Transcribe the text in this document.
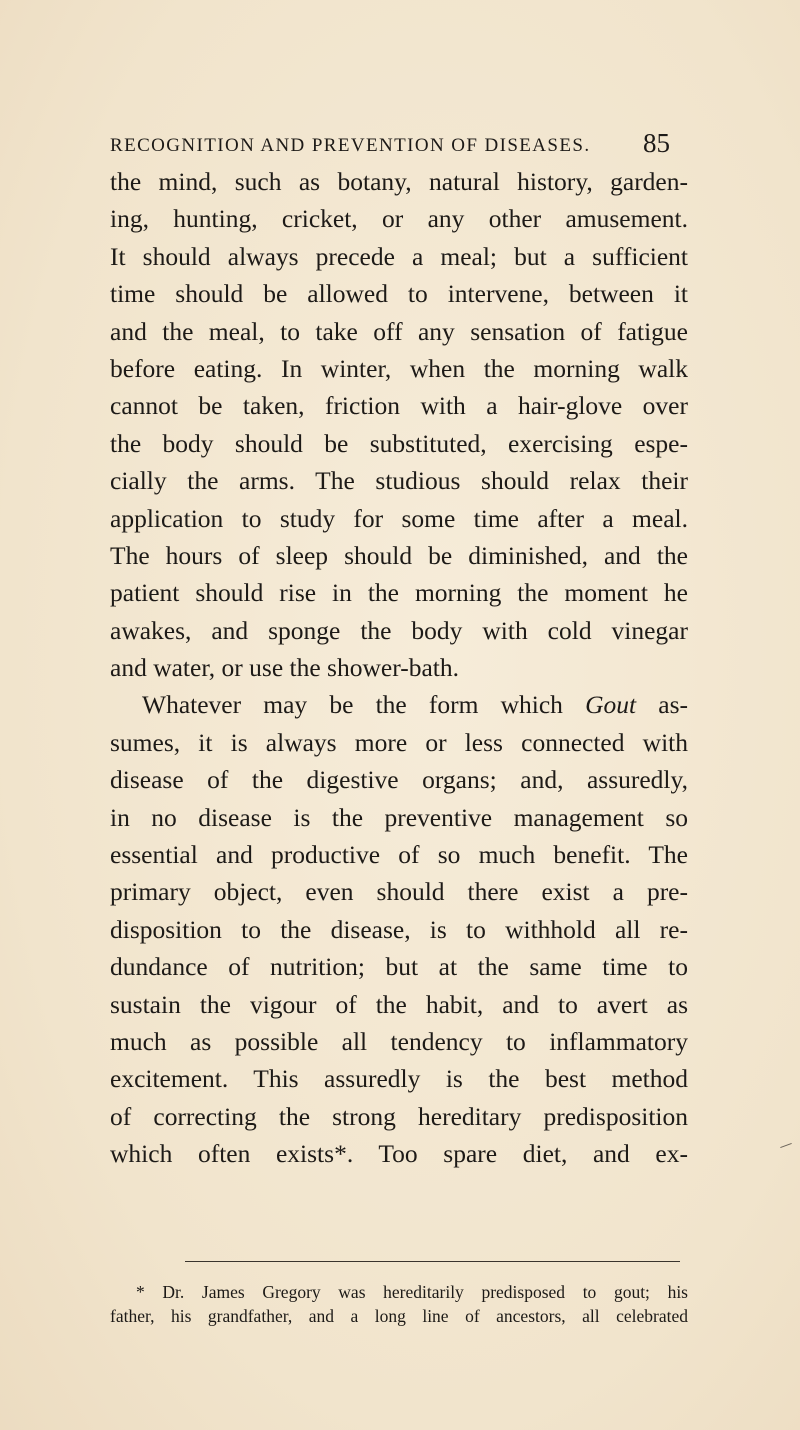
RECOGNITION AND PREVENTION OF DISEASES. 85
the mind, such as botany, natural history, garden-
ing, hunting, cricket, or any other amusement.
It should always precede a meal; but a sufficient
time should be allowed to intervene, between it
and the meal, to take off any sensation of fatigue
before eating. In winter, when the morning walk
cannot be taken, friction with a hair-glove over
the body should be substituted, exercising espe-
cially the arms. The studious should relax their
application to study for some time after a meal.
The hours of sleep should be diminished, and the
patient should rise in the morning the moment he
awakes, and sponge the body with cold vinegar
and water, or use the shower-bath.
Whatever may be the form which Gout as-
sumes, it is always more or less connected with
disease of the digestive organs; and, assuredly,
in no disease is the preventive management so
essential and productive of so much benefit. The
primary object, even should there exist a pre-
disposition to the disease, is to withhold all re-
dundance of nutrition; but at the same time to
sustain the vigour of the habit, and to avert as
much as possible all tendency to inflammatory
excitement. This assuredly is the best method
of correcting the strong hereditary predisposition
which often exists*. Too spare diet, and ex-
* Dr. James Gregory was hereditarily predisposed to gout; his
father, his grandfather, and a long line of ancestors, all celebrated
